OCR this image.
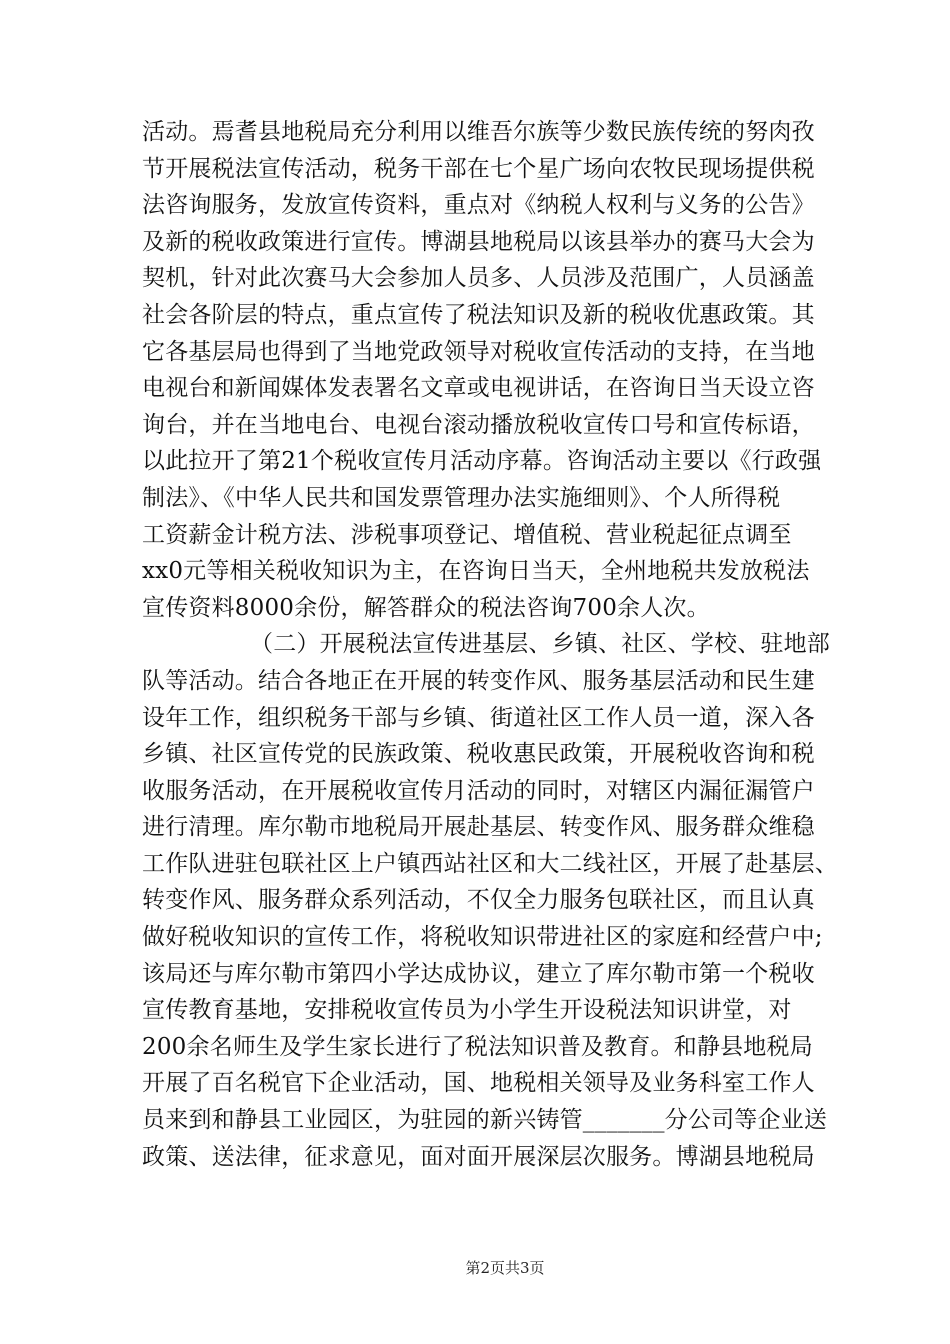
活动。焉耆县地税局充分利用以维吾尔族等少数民族传统的努肉孜
节开展税法宣传活动，税务干部在七个星广场向农牧民现场提供税
法咨询服务，发放宣传资料，重点对《纳税人权利与义务的公告》
及新的税收政策进行宣传。博湖县地税局以该县举办的赛马大会为
契机，针对此次赛马大会参加人员多、人员涉及范围广，人员涵盖
社会各阶层的特点，重点宣传了税法知识及新的税收优惠政策。其
它各基层局也得到了当地党政领导对税收宣传活动的支持，在当地
电视台和新闻媒体发表署名文章或电视讲话，在咨询日当天设立咨
询台，并在当地电台、电视台滚动播放税收宣传口号和宣传标语，
以此拉开了第21个税收宣传月活动序幕。咨询活动主要以《行政强
制法》、《中华人民共和国发票管理办法实施细则》、个人所得税
工资薪金计税方法、涉税事项登记、增值税、营业税起征点调至
xx0元等相关税收知识为主，在咨询日当天，全州地税共发放税法
宣传资料8000余份，解答群众的税法咨询700余人次。
（二）开展税法宣传进基层、乡镇、社区、学校、驻地部
队等活动。结合各地正在开展的转变作风、服务基层活动和民生建
设年工作，组织税务干部与乡镇、街道社区工作人员一道，深入各
乡镇、社区宣传党的民族政策、税收惠民政策，开展税收咨询和税
收服务活动，在开展税收宣传月活动的同时，对辖区内漏征漏管户
进行清理。库尔勒市地税局开展赴基层、转变作风、服务群众维稳
工作队进驻包联社区上户镇西站社区和大二线社区，开展了赴基层、
转变作风、服务群众系列活动，不仅全力服务包联社区，而且认真
做好税收知识的宣传工作，将税收知识带进社区的家庭和经营户中;
该局还与库尔勒市第四小学达成协议，建立了库尔勒市第一个税收
宣传教育基地，安排税收宣传员为小学生开设税法知识讲堂，对
200余名师生及学生家长进行了税法知识普及教育。和静县地税局
开展了百名税官下企业活动，国、地税相关领导及业务科室工作人
员来到和静县工业园区，为驻园的新兴铸管_______分公司等企业送
政策、送法律，征求意见，面对面开展深层次服务。博湖县地税局
第2页共3页
